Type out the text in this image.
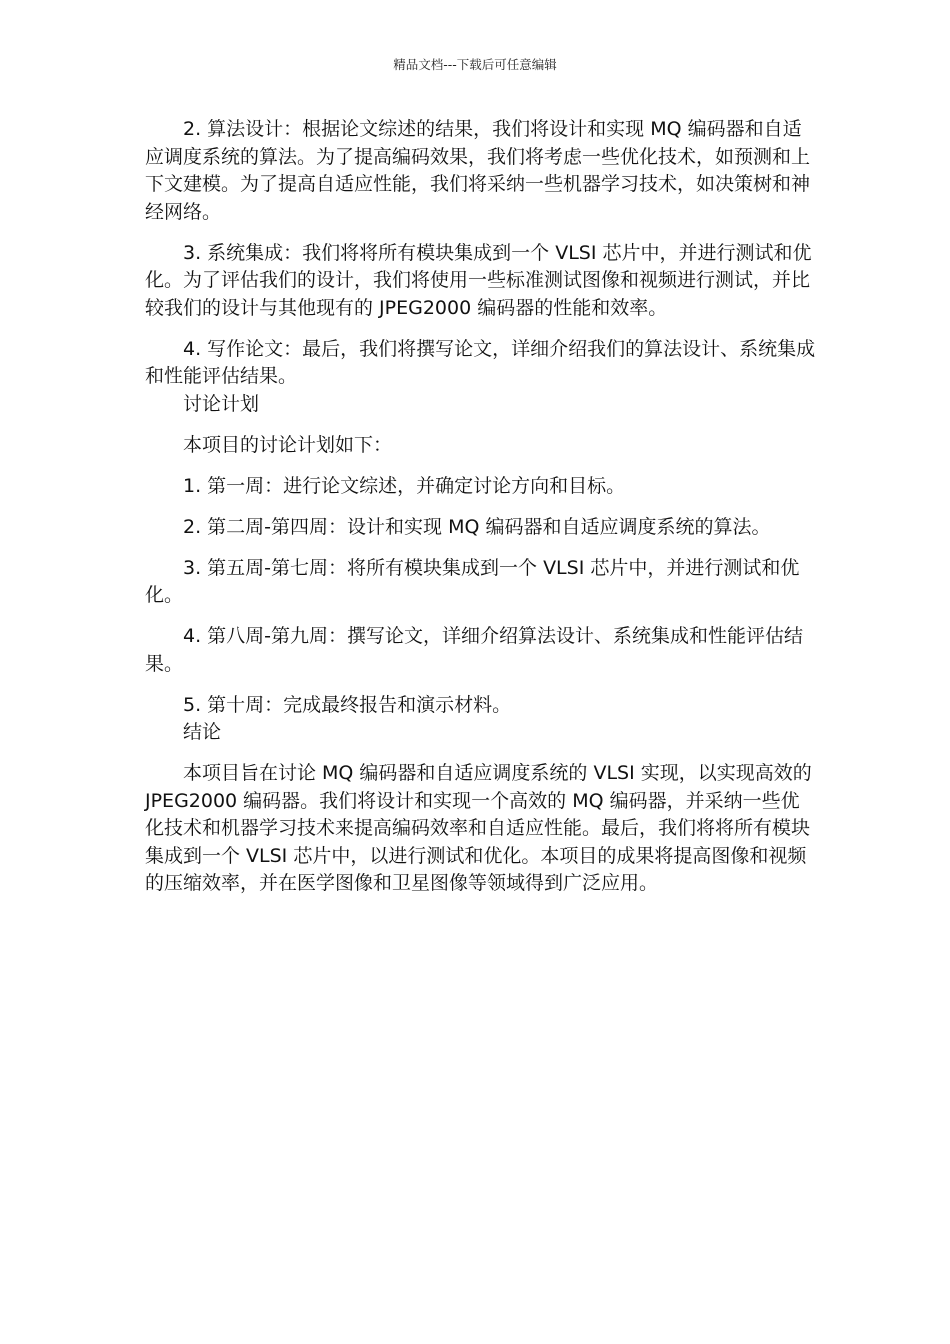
精品文档---下载后可任意编辑

2. 算法设计：根据论文综述的结果，我们将设计和实现 MQ 编码器和自适应调度系统的算法。为了提高编码效果，我们将考虑一些优化技术，如预测和上下文建模。为了提高自适应性能，我们将采纳一些机器学习技术，如决策树和神经网络。

3. 系统集成：我们将将所有模块集成到一个 VLSI 芯片中，并进行测试和优化。为了评估我们的设计，我们将使用一些标准测试图像和视频进行测试，并比较我们的设计与其他现有的 JPEG2000 编码器的性能和效率。

4. 写作论文：最后，我们将撰写论文，详细介绍我们的算法设计、系统集成和性能评估结果。

讨论计划

本项目的讨论计划如下：

1. 第一周：进行论文综述，并确定讨论方向和目标。

2. 第二周-第四周：设计和实现 MQ 编码器和自适应调度系统的算法。

3. 第五周-第七周：将所有模块集成到一个 VLSI 芯片中，并进行测试和优化。

4. 第八周-第九周：撰写论文，详细介绍算法设计、系统集成和性能评估结果。

5. 第十周：完成最终报告和演示材料。

结论

本项目旨在讨论 MQ 编码器和自适应调度系统的 VLSI 实现，以实现高效的 JPEG2000 编码器。我们将设计和实现一个高效的 MQ 编码器，并采纳一些优化技术和机器学习技术来提高编码效率和自适应性能。最后，我们将将所有模块集成到一个 VLSI 芯片中，以进行测试和优化。本项目的成果将提高图像和视频的压缩效率，并在医学图像和卫星图像等领域得到广泛应用。
